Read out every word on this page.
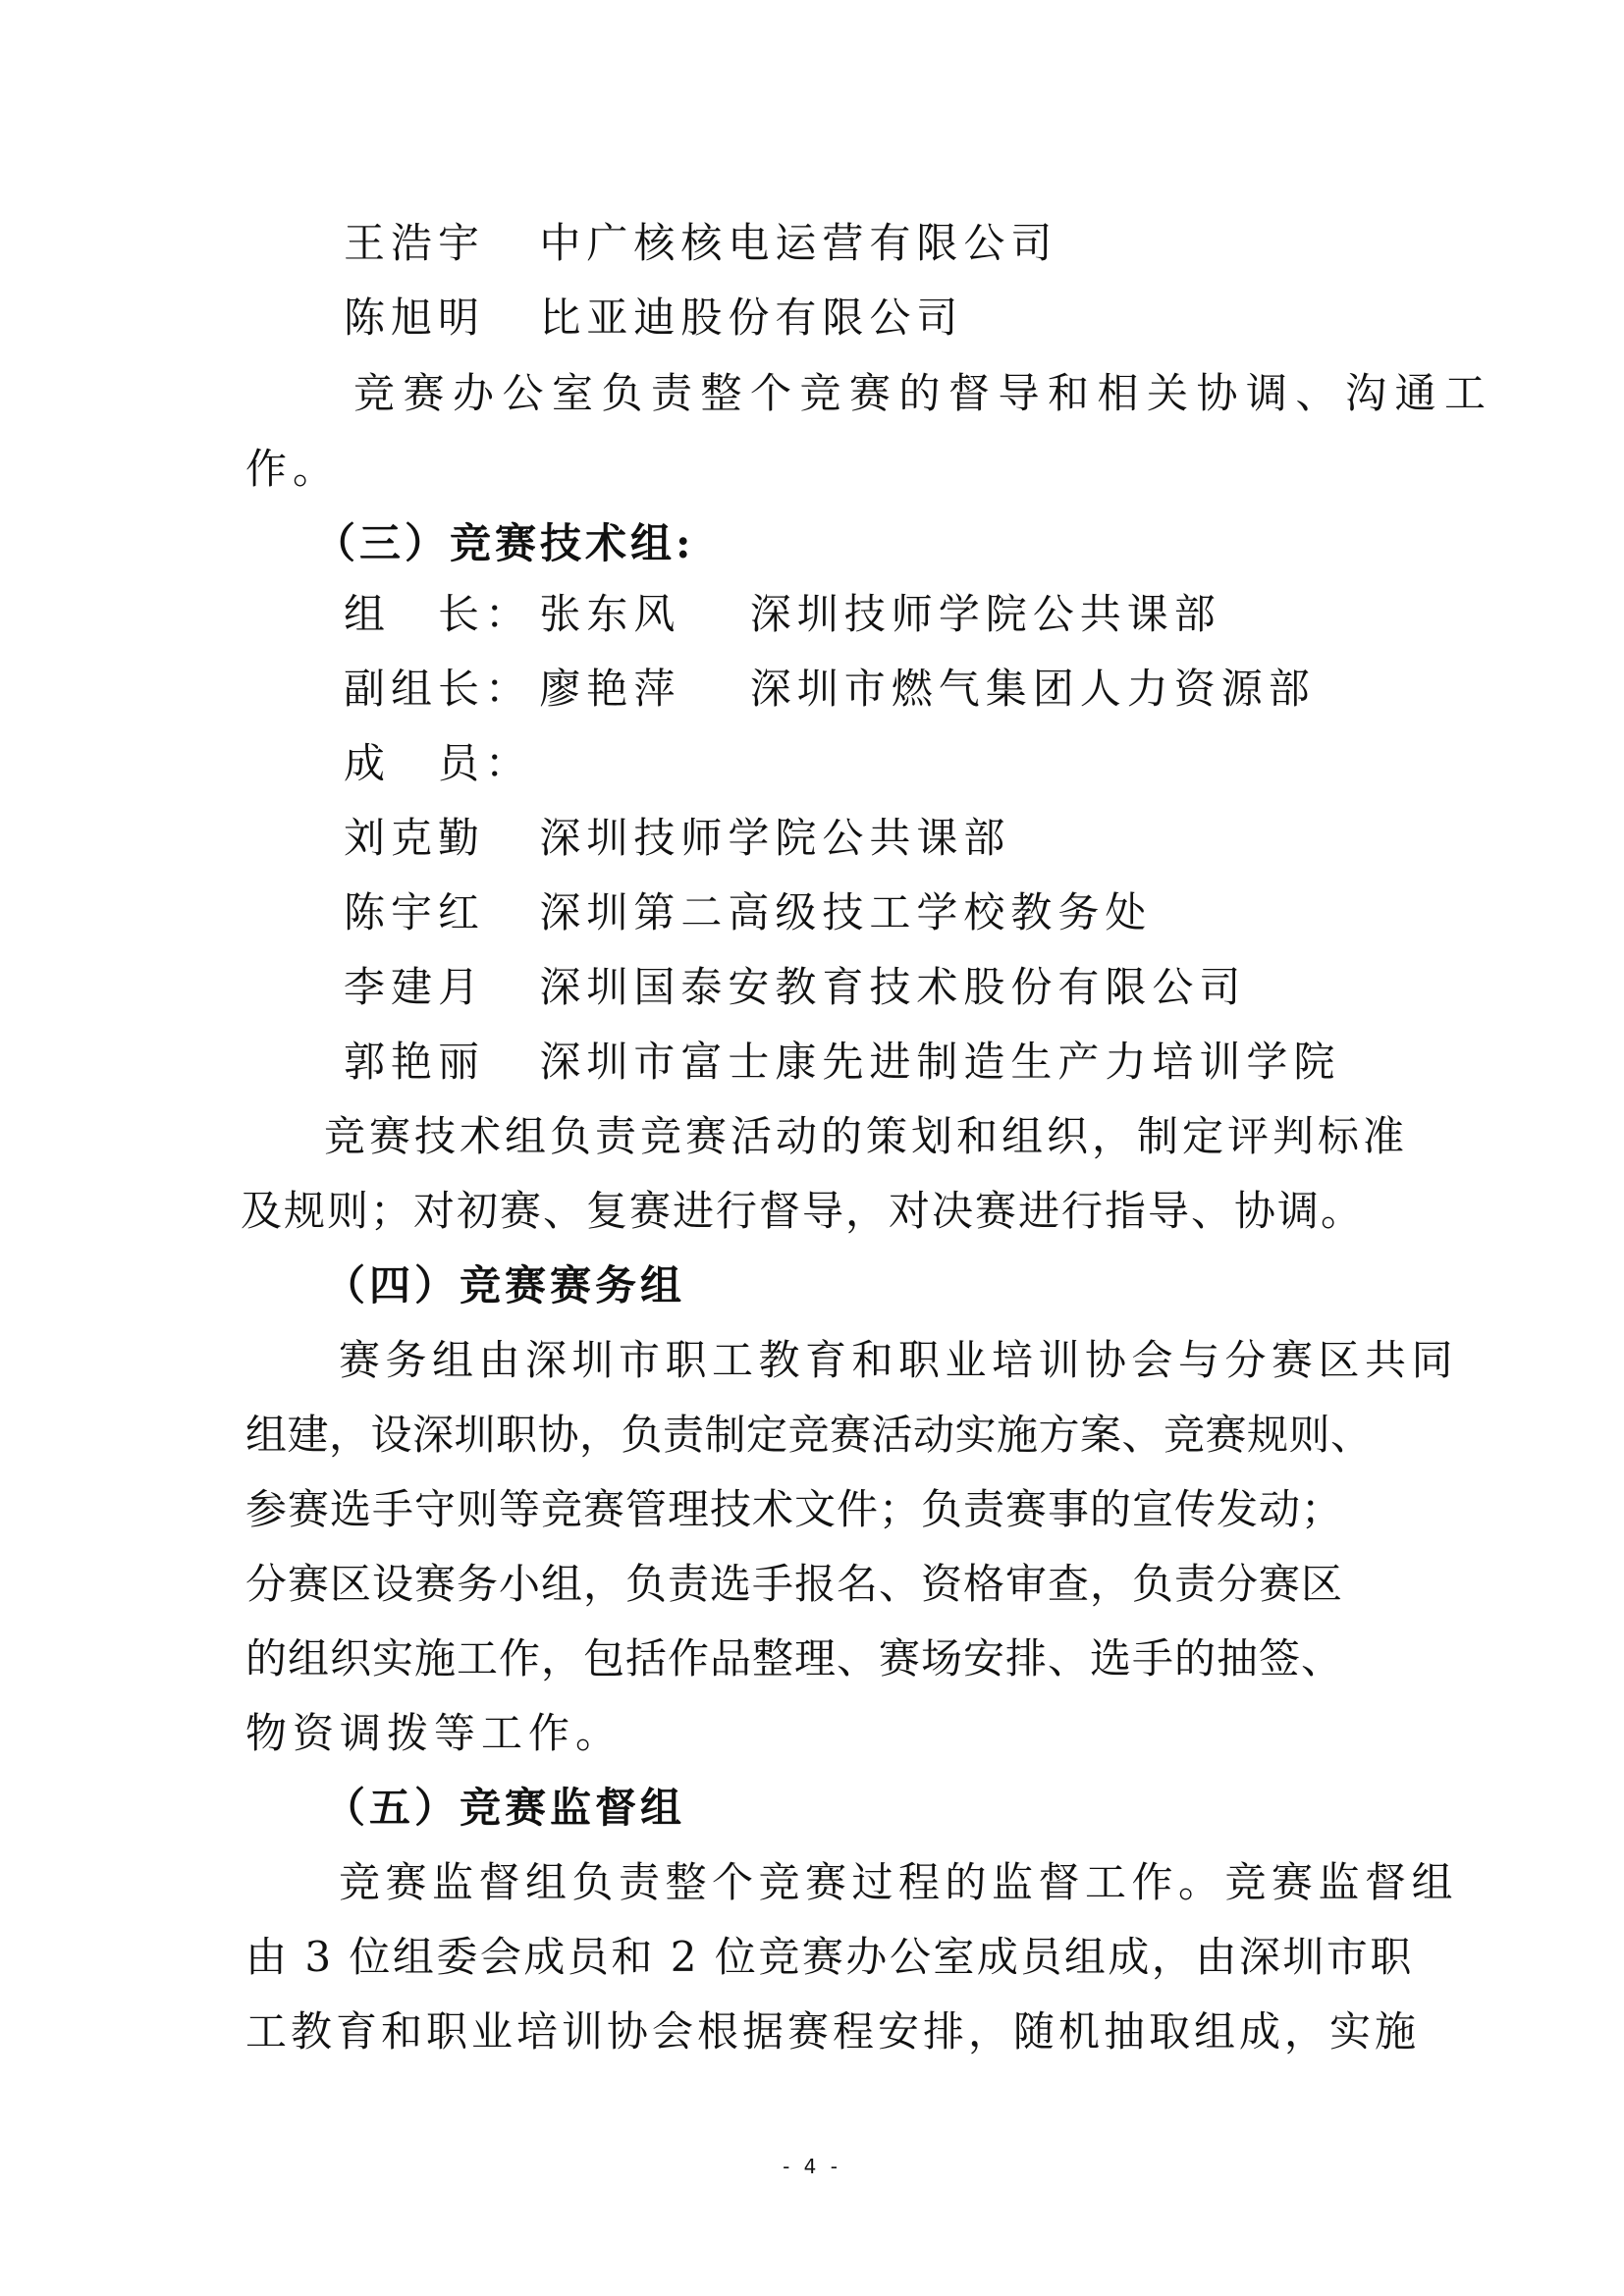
王浩宇 中广核核电运营有限公司
陈旭明 比亚迪股份有限公司
竞赛办公室负责整个竞赛的督导和相关协调、沟通工
作。
（三）竞赛技术组:
组　长： 张东风 深圳技师学院公共课部
副组长： 廖艳萍 深圳市燃气集团人力资源部
成　员：
刘克勤 深圳技师学院公共课部
陈宇红 深圳第二高级技工学校教务处
李建月 深圳国泰安教育技术股份有限公司
郭艳丽 深圳市富士康先进制造生产力培训学院
竞赛技术组负责竞赛活动的策划和组织，制定评判标准
及规则；对初赛、复赛进行督导，对决赛进行指导、协调。
（四）竞赛赛务组
赛务组由深圳市职工教育和职业培训协会与分赛区共同
组建，设深圳职协，负责制定竞赛活动实施方案、竞赛规则、
参赛选手守则等竞赛管理技术文件；负责赛事的宣传发动；
分赛区设赛务小组，负责选手报名、资格审查，负责分赛区
的组织实施工作，包括作品整理、赛场安排、选手的抽签、
物资调拨等工作。
（五）竞赛监督组
竞赛监督组负责整个竞赛过程的监督工作。竞赛监督组
由 3 位组委会成员和 2 位竞赛办公室成员组成，由深圳市职
工教育和职业培训协会根据赛程安排，随机抽取组成，实施
- 4 -
